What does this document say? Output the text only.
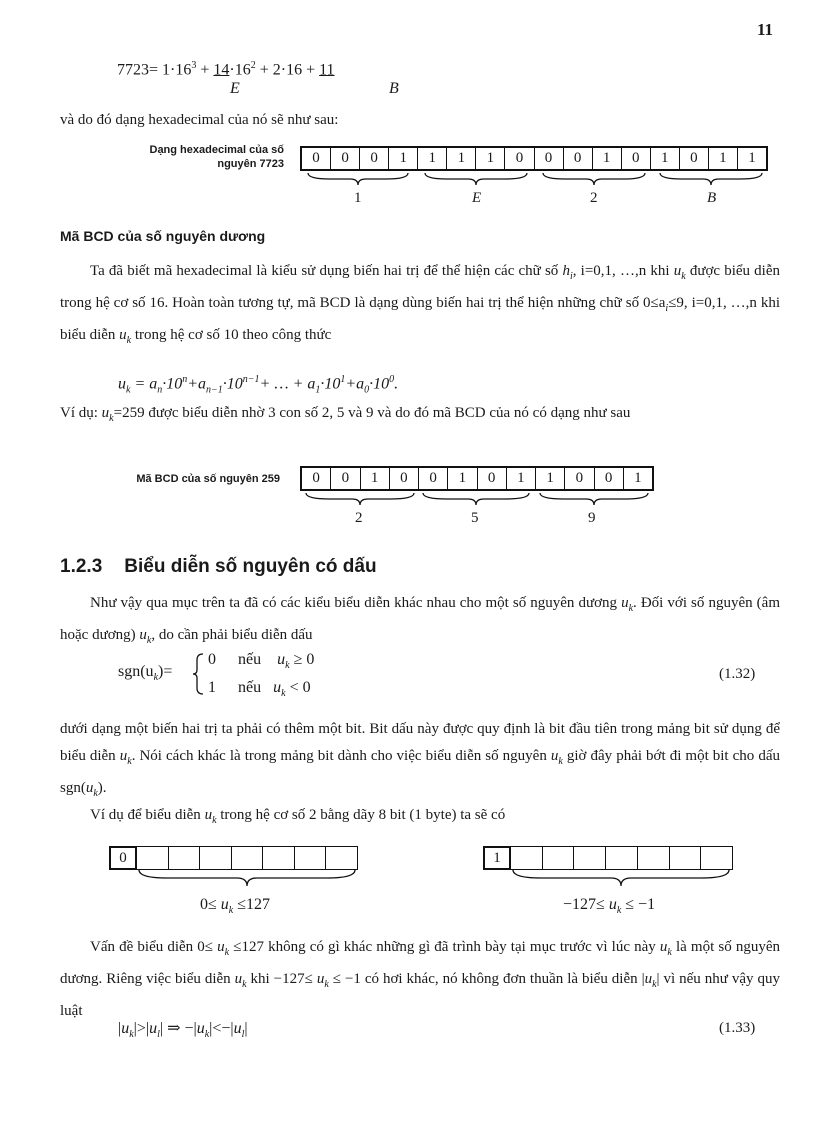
11
$7723= 1\cdot 16^3 + 14\cdot 16^2 + 2\cdot 16 + 11$
E	B
và do đó dạng hexadecimal của nó sẽ như sau:
Dạng hexadecimal của số
nguyên 7723	0	0	0	1	1	1	1	0	0	0	1	0	1	0	1	1
1	E	2	B
Mã BCD của số nguyên dương
Ta đã biết mã hexadecimal là kiểu sử dụng biến hai trị để thể hiện các chữ số $h_i$, i=0,1, …,n khi $u_k$ được biểu diễn trong hệ cơ số 16. Hoàn toàn tương tự, mã BCD là dạng dùng biến hai trị thể hiện những chữ số $0\le a_i\le 9$, i=0,1, …,n khi biểu diễn $u_k$ trong hệ cơ số 10 theo công thức
$u_k = a_n\cdot 10^n+a_{n-1}\cdot 10^{n-1}+$ … + $a_1\cdot 10^1+a_0\cdot 10^0$.
Ví dụ: $u_k=259$ được biểu diễn nhờ 3 con số 2, 5 và 9 và do đó mã BCD của nó có dạng như sau
Mã BCD của số nguyên 259	0	0	1	0	0	1	0	1	1	0	0	1
2	5	9
1.2.3 Biểu diễn số nguyên có dấu
Như vậy qua mục trên ta đã có các kiểu biểu diễn khác nhau cho một số nguyên dương $u_k$. Đối với số nguyên (âm hoặc dương) $u_k$, do cần phải biểu diễn dấu
$sgn(u_k)=$
0 nếu $u_k \ge 0$
1 nếu $u_k < 0$
(1.32)
dưới dạng một biến hai trị ta phải có thêm một bit. Bit dấu này được quy định là bit đầu tiên trong mảng bit sử dụng để biểu diễn $u_k$. Nói cách khác là trong mảng bit dành cho việc biểu diễn số nguyên $u_k$ giờ đây phải bớt đi một bit cho dấu $sgn(u_k)$.
Ví dụ để biểu diễn $u_k$ trong hệ cơ số 2 bằng dãy 8 bit (1 byte) ta sẽ có
0
$0\le u_k \le 127$
1
$-127\le u_k \le -1$
Vấn đề biểu diễn $0\le u_k \le 127$ không có gì khác những gì đã trình bày tại mục trước vì lúc này $u_k$ là một số nguyên dương. Riêng việc biểu diễn $u_k$ khi $-127\le u_k \le -1$ có hơi khác, nó không đơn thuần là biểu diễn $|u_k|$ vì nếu như vậy quy luật
$|u_k|>|u_l|$ ⇒ $-|u_k|<-|u_l|$	(1.33)
